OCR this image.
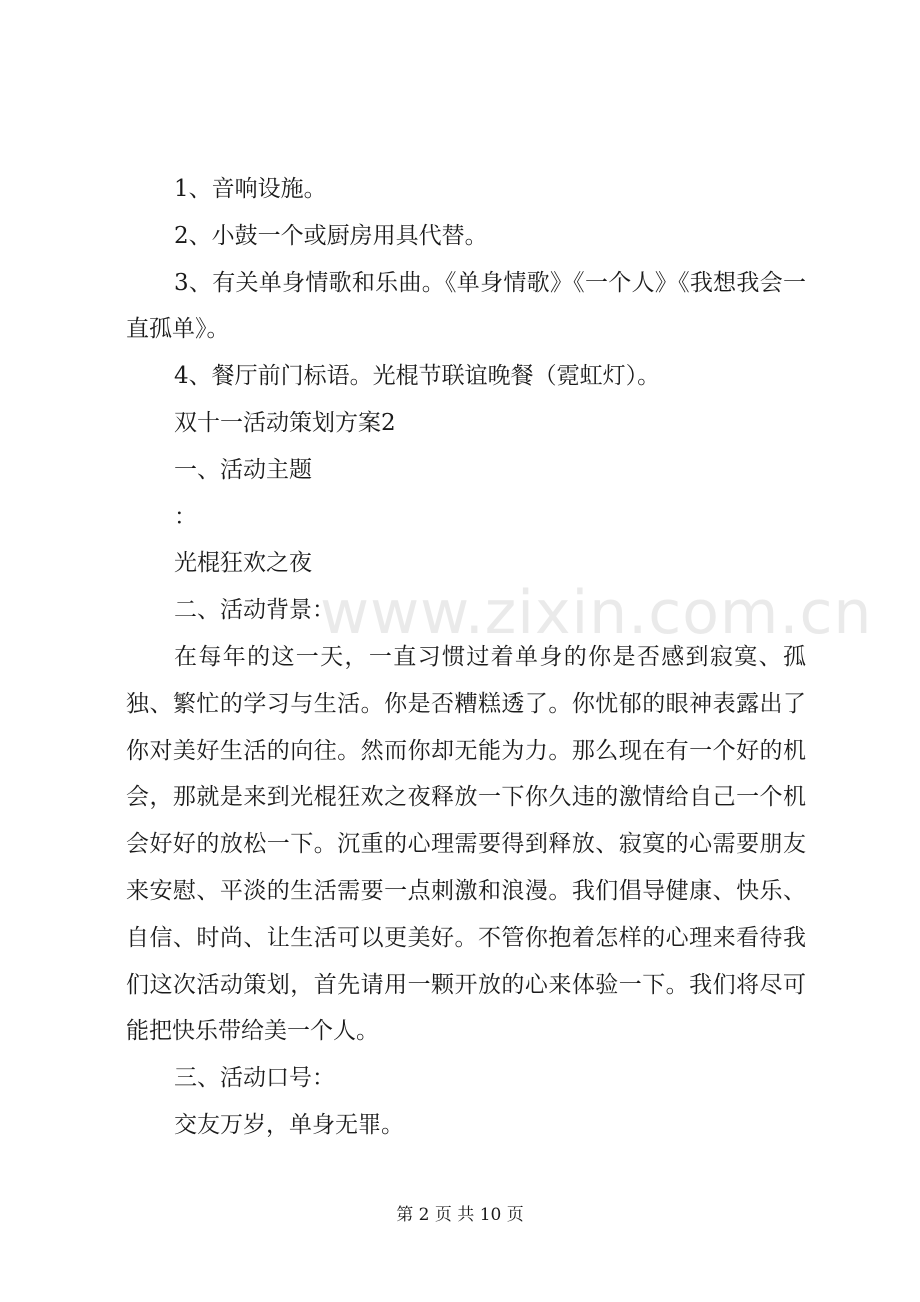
www.zixin.com.cn

1、音响设施。

2、小鼓一个或厨房用具代替。

3、有关单身情歌和乐曲。《单身情歌》《一个人》《我想我会一直孤单》。

4、餐厅前门标语。光棍节联谊晚餐（霓虹灯）。

双十一活动策划方案2

一、活动主题

：

光棍狂欢之夜

二、活动背景：

在每年的这一天，一直习惯过着单身的你是否感到寂寞、孤独、繁忙的学习与生活。你是否糟糕透了。你忧郁的眼神表露出了你对美好生活的向往。然而你却无能为力。那么现在有一个好的机会，那就是来到光棍狂欢之夜释放一下你久违的激情给自己一个机会好好的放松一下。沉重的心理需要得到释放、寂寞的心需要朋友来安慰、平淡的生活需要一点刺激和浪漫。我们倡导健康、快乐、自信、时尚、让生活可以更美好。不管你抱着怎样的心理来看待我们这次活动策划，首先请用一颗开放的心来体验一下。我们将尽可能把快乐带给美一个人。

三、活动口号：

交友万岁，单身无罪。

第 2 页 共 10 页
